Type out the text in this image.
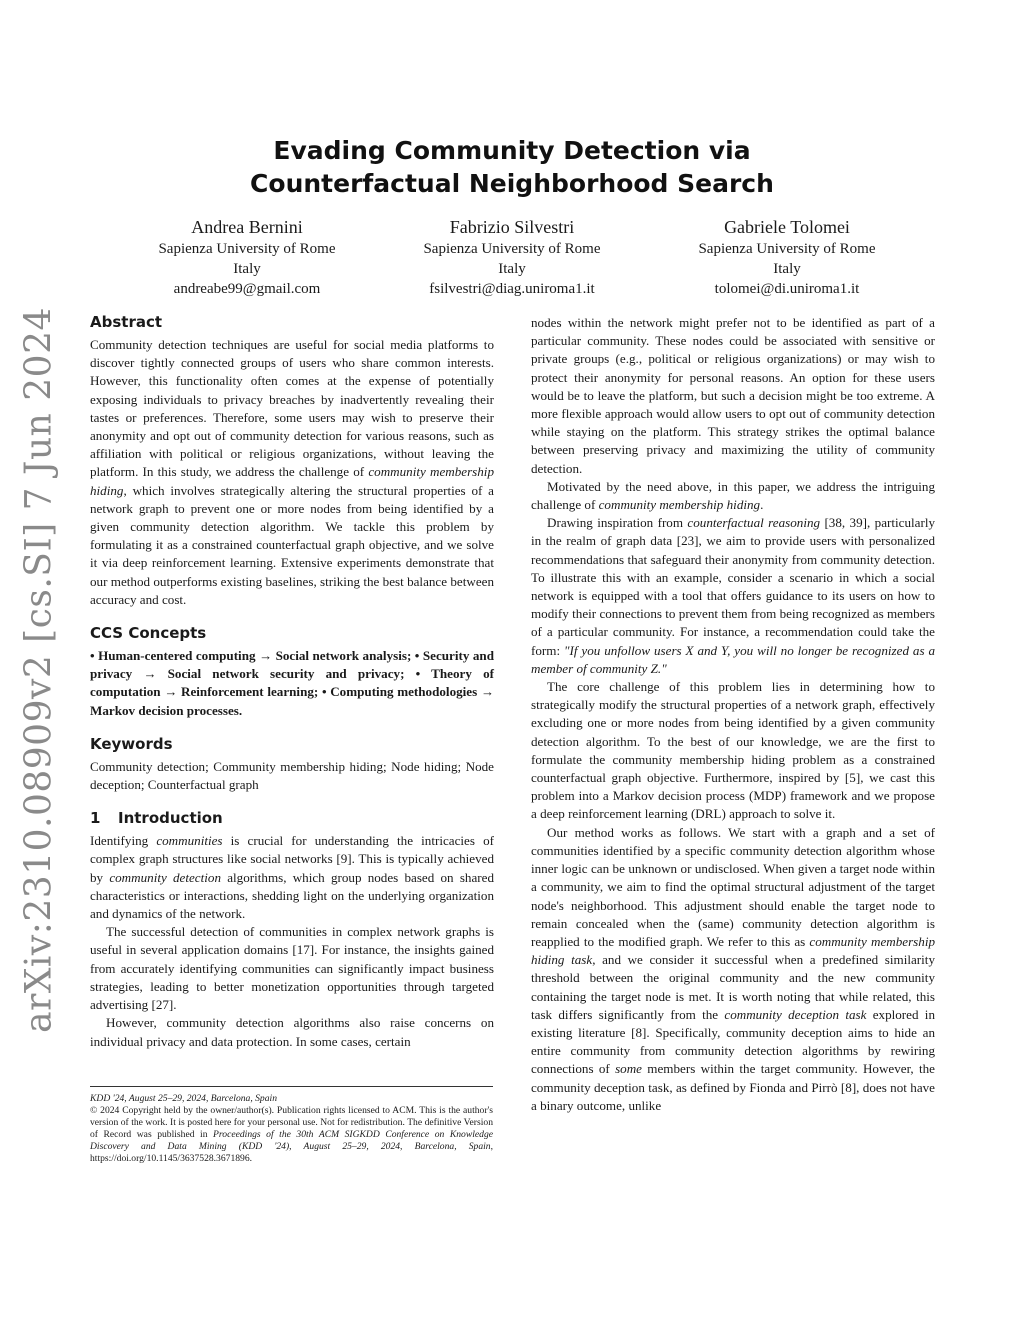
arXiv:2310.08909v2 [cs.SI] 7 Jun 2024
Evading Community Detection via
Counterfactual Neighborhood Search
Andrea Bernini
Sapienza University of Rome
Italy
andreabe99@gmail.com
Fabrizio Silvestri
Sapienza University of Rome
Italy
fsilvestri@diag.uniroma1.it
Gabriele Tolomei
Sapienza University of Rome
Italy
tolomei@di.uniroma1.it
Abstract

Community detection techniques are useful for social media platforms to discover tightly connected groups of users who share common interests. However, this functionality often comes at the expense of potentially exposing individuals to privacy breaches by inadvertently revealing their tastes or preferences. Therefore, some users may wish to preserve their anonymity and opt out of community detection for various reasons, such as affiliation with political or religious organizations, without leaving the platform. In this study, we address the challenge of community membership hiding, which involves strategically altering the structural properties of a network graph to prevent one or more nodes from being identified by a given community detection algorithm. We tackle this problem by formulating it as a constrained counterfactual graph objective, and we solve it via deep reinforcement learning. Extensive experiments demonstrate that our method outperforms existing baselines, striking the best balance between accuracy and cost.

CCS Concepts

• Human-centered computing → Social network analysis; • Security and privacy → Social network security and privacy; • Theory of computation → Reinforcement learning; • Computing methodologies → Markov decision processes.

Keywords

Community detection; Community membership hiding; Node hiding; Node deception; Counterfactual graph

1 Introduction

Identifying communities is crucial for understanding the intricacies of complex graph structures like social networks [9]. This is typically achieved by community detection algorithms, which group nodes based on shared characteristics or interactions, shedding light on the underlying organization and dynamics of the network.

The successful detection of communities in complex network graphs is useful in several application domains [17]. For instance, the insights gained from accurately identifying communities can significantly impact business strategies, leading to better monetization opportunities through targeted advertising [27].

However, community detection algorithms also raise concerns on individual privacy and data protection. In some cases, certain

KDD '24, August 25–29, 2024, Barcelona, Spain

© 2024 Copyright held by the owner/author(s). Publication rights licensed to ACM. This is the author's version of the work. It is posted here for your personal use. Not for redistribution. The definitive Version of Record was published in Proceedings of the 30th ACM SIGKDD Conference on Knowledge Discovery and Data Mining (KDD '24), August 25–29, 2024, Barcelona, Spain, https://doi.org/10.1145/3637528.3671896.

nodes within the network might prefer not to be identified as part of a particular community. These nodes could be associated with sensitive or private groups (e.g., political or religious organizations) or may wish to protect their anonymity for personal reasons. An option for these users would be to leave the platform, but such a decision might be too extreme. A more flexible approach would allow users to opt out of community detection while staying on the platform. This strategy strikes the optimal balance between preserving privacy and maximizing the utility of community detection.

Motivated by the need above, in this paper, we address the intriguing challenge of community membership hiding.

Drawing inspiration from counterfactual reasoning [38, 39], particularly in the realm of graph data [23], we aim to provide users with personalized recommendations that safeguard their anonymity from community detection. To illustrate this with an example, consider a scenario in which a social network is equipped with a tool that offers guidance to its users on how to modify their connections to prevent them from being recognized as members of a particular community. For instance, a recommendation could take the form: "If you unfollow users X and Y, you will no longer be recognized as a member of community Z."

The core challenge of this problem lies in determining how to strategically modify the structural properties of a network graph, effectively excluding one or more nodes from being identified by a given community detection algorithm. To the best of our knowledge, we are the first to formulate the community membership hiding problem as a constrained counterfactual graph objective. Furthermore, inspired by [5], we cast this problem into a Markov decision process (MDP) framework and we propose a deep reinforcement learning (DRL) approach to solve it.

Our method works as follows. We start with a graph and a set of communities identified by a specific community detection algorithm whose inner logic can be unknown or undisclosed. When given a target node within a community, we aim to find the optimal structural adjustment of the target node's neighborhood. This adjustment should enable the target node to remain concealed when the (same) community detection algorithm is reapplied to the modified graph. We refer to this as community membership hiding task, and we consider it successful when a predefined similarity threshold between the original community and the new community containing the target node is met. It is worth noting that while related, this task differs significantly from the community deception task explored in existing literature [8]. Specifically, community deception aims to hide an entire community from community detection algorithms by rewiring connections of some members within the target community. However, the community deception task, as defined by Fionda and Pirrò [8], does not have a binary outcome, unlike
